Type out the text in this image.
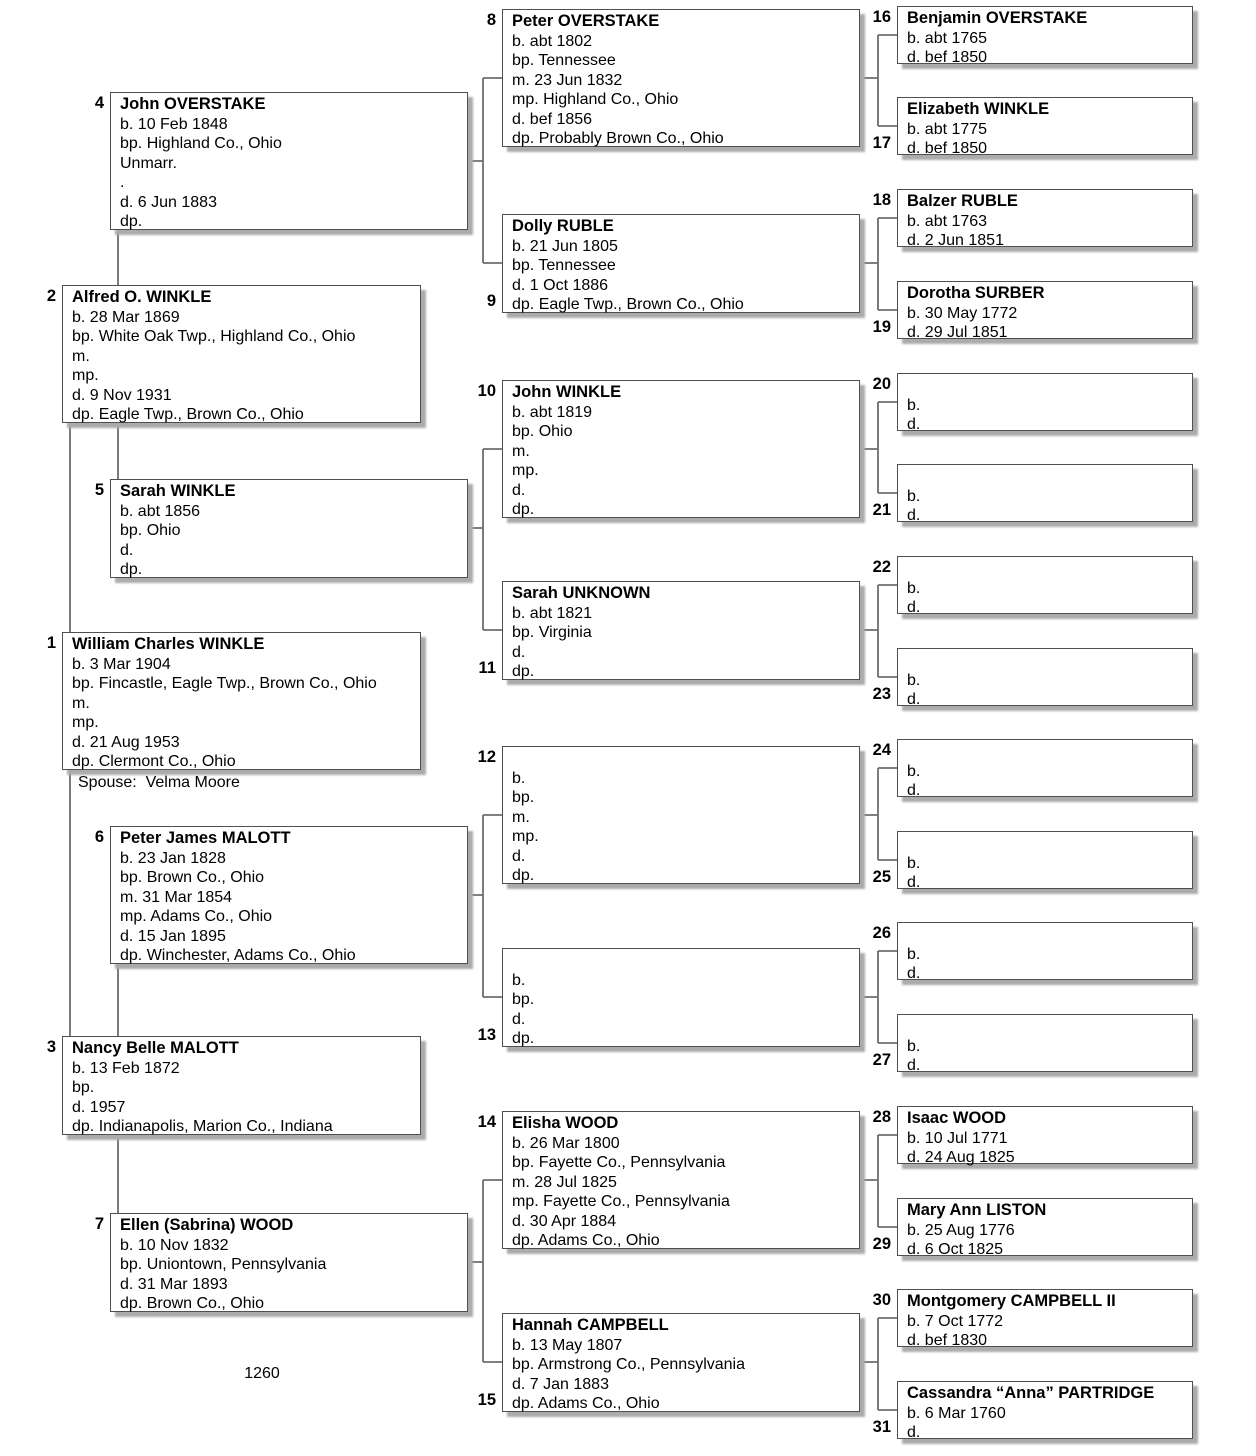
Spouse:  Velma Moore
1260
1 William Charles WINKLE
b. 3 Mar 1904
bp. Fincastle, Eagle Twp., Brown Co., Ohio
m.
mp.
d. 21 Aug 1953
dp. Clermont Co., Ohio
2 Alfred O. WINKLE
b. 28 Mar 1869
bp. White Oak Twp., Highland Co., Ohio
m.
mp.
d. 9 Nov 1931
dp. Eagle Twp., Brown Co., Ohio
3 Nancy Belle MALOTT
b. 13 Feb 1872
bp.
d. 1957
dp. Indianapolis, Marion Co., Indiana
4 John OVERSTAKE
b. 10 Feb 1848
bp. Highland Co., Ohio
Unmarr.
.
d. 6 Jun 1883
dp.
5 Sarah WINKLE
b. abt 1856
bp. Ohio
d.
dp.
6 Peter James MALOTT
b. 23 Jan 1828
bp. Brown Co., Ohio
m. 31 Mar 1854
mp. Adams Co., Ohio
d. 15 Jan 1895
dp. Winchester, Adams Co., Ohio
7 Ellen (Sabrina) WOOD
b. 10 Nov 1832
bp. Uniontown, Pennsylvania
d. 31 Mar 1893
dp. Brown Co., Ohio
8 Peter OVERSTAKE
b. abt 1802
bp. Tennessee
m. 23 Jun 1832
mp. Highland Co., Ohio
d. bef 1856
dp. Probably Brown Co., Ohio
9
Dolly RUBLE
b. 21 Jun 1805
bp. Tennessee
d. 1 Oct 1886
dp. Eagle Twp., Brown Co., Ohio
10 John WINKLE
b. abt 1819
bp. Ohio
m.
mp.
d.
dp.
11
Sarah UNKNOWN
b. abt 1821
bp. Virginia
d.
dp.
12
b.
bp.
m.
mp.
d.
dp.
13
b.
bp.
d.
dp.
14 Elisha WOOD
b. 26 Mar 1800
bp. Fayette Co., Pennsylvania
m. 28 Jul 1825
mp. Fayette Co., Pennsylvania
d. 30 Apr 1884
dp. Adams Co., Ohio
15
Hannah CAMPBELL
b. 13 May 1807
bp. Armstrong Co., Pennsylvania
d. 7 Jan 1883
dp. Adams Co., Ohio
16 Benjamin OVERSTAKE
b. abt 1765
d. bef 1850
17
Elizabeth WINKLE
b. abt 1775
d. bef 1850
18 Balzer RUBLE
b. abt 1763
d. 2 Jun 1851
19
Dorotha SURBER
b. 30 May 1772
d. 29 Jul 1851
20
b.
d.
21
b.
d.
22
b.
d.
23
b.
d.
24
b.
d.
25
b.
d.
26
b.
d.
27
b.
d.
28 Isaac WOOD
b. 10 Jul 1771
d. 24 Aug 1825
29
Mary Ann LISTON
b. 25 Aug 1776
d. 6 Oct 1825
30 Montgomery CAMPBELL II
b. 7 Oct 1772
d. bef 1830
31
Cassandra “Anna” PARTRIDGE
b. 6 Mar 1760
d.
